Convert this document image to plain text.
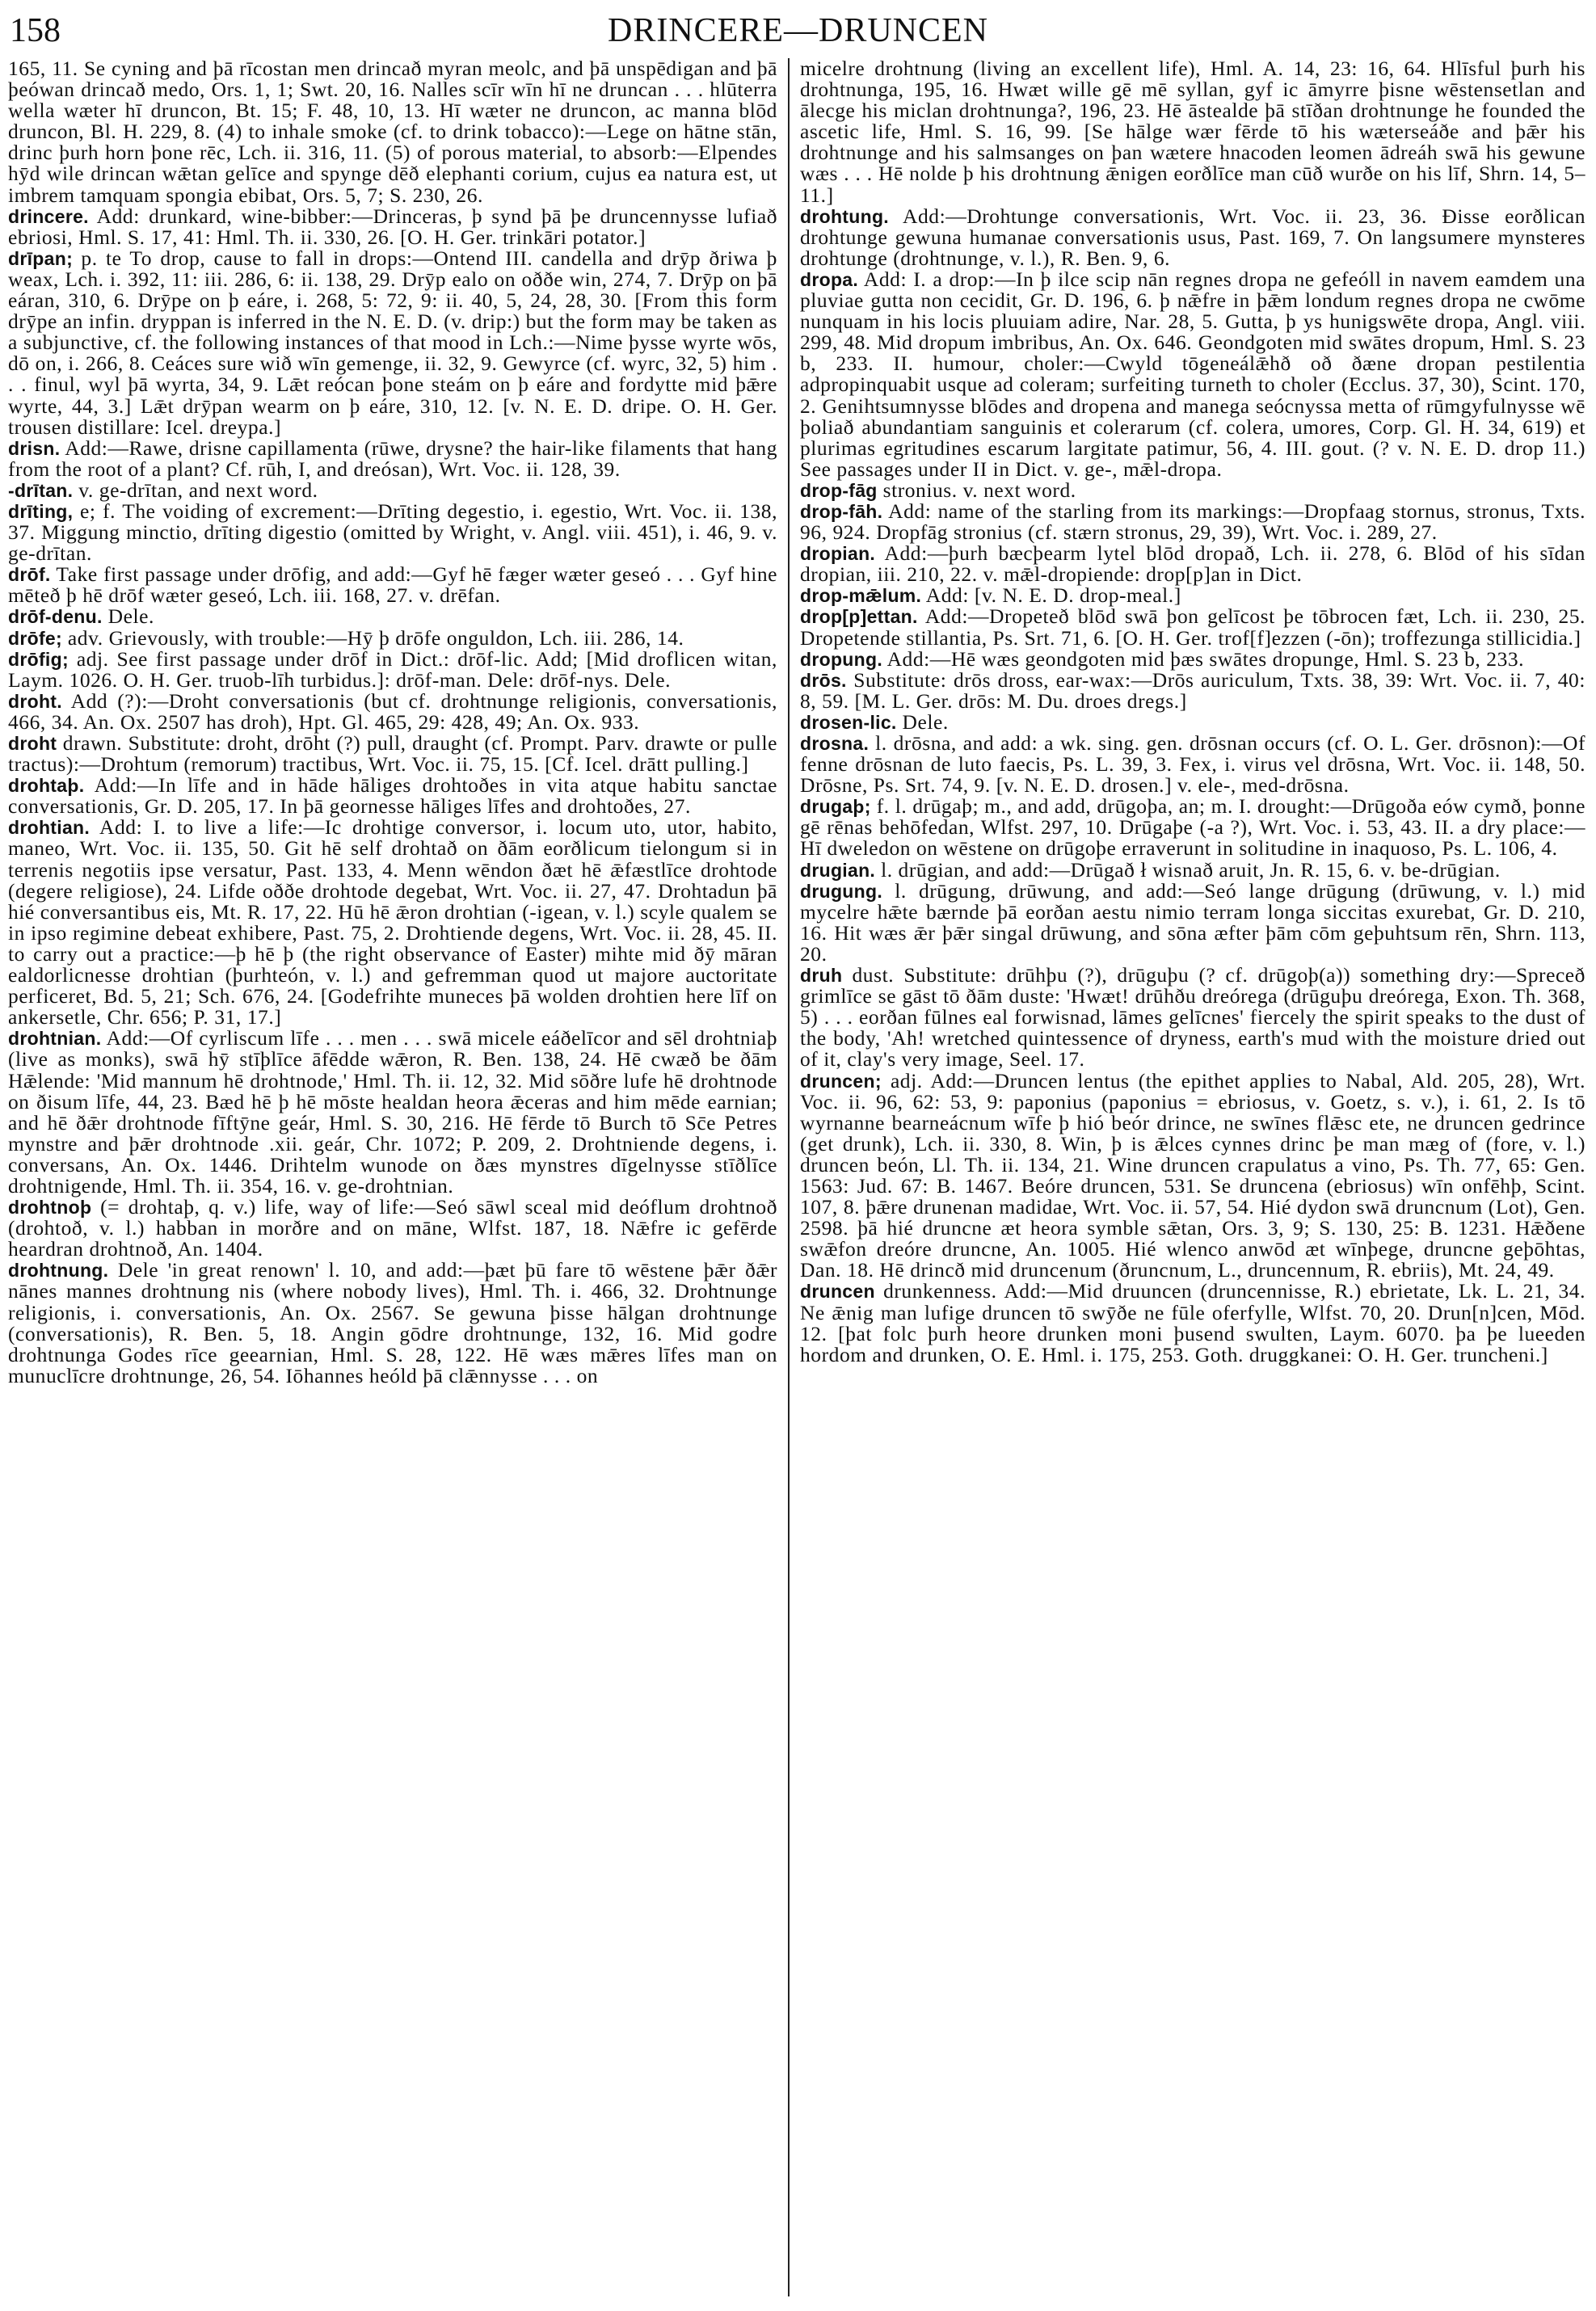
158	DRINCERE—DRUNCEN

165, 11. Se cyning and þā rīcostan men drincað myran meolc, and þā unspēdigan and þā þeówan drincað medo, Ors. 1, 1; Swt. 20, 16. Nalles scīr wīn hī ne druncan . . . hlūterra wella wæter hī druncon, Bt. 15; F. 48, 10, 13. Hī wæter ne druncon, ac manna blōd druncon, Bl. H. 229, 8. (4) to inhale smoke (cf. to drink tobacco):—Lege on hātne stān, drinc þurh horn þone rēc, Lch. ii. 316, 11. (5) of porous material, to absorb:—Elpendes hȳd wile drincan wǣtan gelīce and spynge dēð elephanti corium, cujus ea natura est, ut imbrem tamquam spongia ebibat, Ors. 5, 7; S. 230, 26.

drincere. Add: drunkard, wine-bibber:—Drinceras, þ synd þā þe druncennysse lufiað ebriosi, Hml. S. 17, 41: Hml. Th. ii. 330, 26. [O. H. Ger. trinkāri potator.]

drīpan; p. te To drop, cause to fall in drops:—Ontend III. candella and drȳp ðriwa þ weax, Lch. i. 392, 11: iii. 286, 6: ii. 138, 29. Drȳp ealo on oððe win, 274, 7. Drȳp on þā eáran, 310, 6. Drȳpe on þ eáre, i. 268, 5: 72, 9: ii. 40, 5, 24, 28, 30. [From this form drȳpe an infin. dryppan is inferred in the N. E. D. (v. drip:) but the form may be taken as a subjunctive, cf. the following instances of that mood in Lch.:—Nime þysse wyrte wōs, dō on, i. 266, 8. Ceáces sure wið wīn gemenge, ii. 32, 9. Gewyrce (cf. wyrc, 32, 5) him . . . finul, wyl þā wyrta, 34, 9. Lǣt reócan þone steám on þ eáre and fordytte mid þǣre wyrte, 44, 3.] Lǣt drȳpan wearm on þ eáre, 310, 12. [v. N. E. D. dripe. O. H. Ger. trousen distillare: Icel. dreypa.]

drisn. Add:—Rawe, drisne capillamenta (rūwe, drysne? the hair-like filaments that hang from the root of a plant? Cf. rūh, I, and dreósan), Wrt. Voc. ii. 128, 39.

-drītan. v. ge-drītan, and next word.

drīting, e; f. The voiding of excrement:—Drīting degestio, i. egestio, Wrt. Voc. ii. 138, 37. Miggung minctio, drīting digestio (omitted by Wright, v. Angl. viii. 451), i. 46, 9. v. ge-drītan.

drōf. Take first passage under drōfig, and add:—Gyf hē fæger wæter geseó . . . Gyf hine mēteð þ hē drōf wæter geseó, Lch. iii. 168, 27. v. drēfan.

drōf-denu. Dele.

drōfe; adv. Grievously, with trouble:—Hȳ þ drōfe onguldon, Lch. iii. 286, 14.

drōfig; adj. See first passage under drōf in Dict.: drōf-lic. Add; [Mid droflicen witan, Laym. 1026. O. H. Ger. truob-līh turbidus.]: drōf-man. Dele: drōf-nys. Dele.

droht. Add (?):—Droht conversationis (but cf. drohtnunge religionis, conversationis, 466, 34. An. Ox. 2507 has droh), Hpt. Gl. 465, 29: 428, 49; An. Ox. 933.

droht drawn. Substitute: droht, drōht (?) pull, draught (cf. Prompt. Parv. drawte or pulle tractus):—Drohtum (remorum) tractibus, Wrt. Voc. ii. 75, 15. [Cf. Icel. drātt pulling.]

drohtaþ. Add:—In līfe and in hāde hāliges drohtoðes in vita atque habitu sanctae conversationis, Gr. D. 205, 17. In þā geornesse hāliges līfes and drohtoðes, 27.

drohtian. Add: I. to live a life:—Ic drohtige conversor, i. locum uto, utor, habito, maneo, Wrt. Voc. ii. 135, 50. Git hē self drohtað on ðām eorðlicum tielongum si in terrenis negotiis ipse versatur, Past. 133, 4. Menn wēndon ðæt hē ǣfæstlīce drohtode (degere religiose), 24. Lifde oððe drohtode degebat, Wrt. Voc. ii. 27, 47. Drohtadun þā hié conversantibus eis, Mt. R. 17, 22. Hū hē ǣron drohtian (-igean, v. l.) scyle qualem se in ipso regimine debeat exhibere, Past. 75, 2. Drohtiende degens, Wrt. Voc. ii. 28, 45. II. to carry out a practice:—þ hē þ (the right observance of Easter) mihte mid ðȳ māran ealdorlicnesse drohtian (þurhteón, v. l.) and gefremman quod ut majore auctoritate perficeret, Bd. 5, 21; Sch. 676, 24. [Godefrihte muneces þā wolden drohtien here līf on ankersetle, Chr. 656; P. 31, 17.]

drohtnian. Add:—Of cyrliscum līfe . . . men . . . swā micele eáðelīcor and sēl drohtniaþ (live as monks), swā hȳ stīþlīce āfēdde wǣron, R. Ben. 138, 24. Hē cwæð be ðām Hǣlende: 'Mid mannum hē drohtnode,' Hml. Th. ii. 12, 32. Mid sōðre lufe hē drohtnode on ðisum līfe, 44, 23. Bæd hē þ hē mōste healdan heora ǣceras and him mēde earnian; and hē ðǣr drohtnode fīftȳne geár, Hml. S. 30, 216. Hē fērde tō Burch tō Sc̄e Petres mynstre and þǣr drohtnode .xii. geár, Chr. 1072; P. 209, 2. Drohtniende degens, i. conversans, An. Ox. 1446. Drihtelm wunode on ðæs mynstres dīgelnysse stīðlīce drohtnigende, Hml. Th. ii. 354, 16. v. ge-drohtnian.

drohtnoþ (= drohtaþ, q. v.) life, way of life:—Seó sāwl sceal mid deóflum drohtnoð (drohtoð, v. l.) habban in morðre and on māne, Wlfst. 187, 18. Nǣfre ic gefērde heardran drohtnoð, An. 1404.

drohtnung. Dele 'in great renown' l. 10, and add:—þæt þū fare tō wēstene þǣr ðǣr nānes mannes drohtnung nis (where nobody lives), Hml. Th. i. 466, 32. Drohtnunge religionis, i. conversationis, An. Ox. 2567. Se gewuna þisse hālgan drohtnunge (conversationis), R. Ben. 5, 18. Angin gōdre drohtnunge, 132, 16. Mid godre drohtnunga Godes rīce geearnian, Hml. S. 28, 122. Hē wæs mǣres līfes man on munuclīcre drohtnunge, 26, 54. Iōhannes heóld þā clǣnnysse . . . on

micelre drohtnung (living an excellent life), Hml. A. 14, 23: 16, 64. Hlīsful þurh his drohtnunga, 195, 16. Hwæt wille gē mē syllan, gyf ic āmyrre þisne wēstensetlan and ālecge his miclan drohtnunga?, 196, 23. Hē āstealde þā stīðan drohtnunge he founded the ascetic life, Hml. S. 16, 99. [Se hālge wær fērde tō his wæterseáðe and þǣr his drohtnunge and his salmsanges on þan wætere hnacoden leomen ādreáh swā his gewune wæs . . . Hē nolde þ his drohtnung ǣnigen eorðlīce man cūð wurðe on his līf, Shrn. 14, 5–11.]

drohtung. Add:—Drohtunge conversationis, Wrt. Voc. ii. 23, 36. Ðisse eorðlican drohtunge gewuna humanae conversationis usus, Past. 169, 7. On langsumere mynsteres drohtunge (drohtnunge, v. l.), R. Ben. 9, 6.

dropa. Add: I. a drop:—In þ ilce scip nān regnes dropa ne gefeóll in navem eamdem una pluviae gutta non cecidit, Gr. D. 196, 6. þ nǣfre in þǣm londum regnes dropa ne cwōme nunquam in his locis pluuiam adire, Nar. 28, 5. Gutta, þ ys hunigswēte dropa, Angl. viii. 299, 48. Mid dropum imbribus, An. Ox. 646. Geondgoten mid swātes dropum, Hml. S. 23 b, 233. II. humour, choler:—Cwyld tōgeneálǣhð oð ðæne dropan pestilentia adpropinquabit usque ad coleram; surfeiting turneth to choler (Ecclus. 37, 30), Scint. 170, 2. Genihtsumnysse blōdes and dropena and manega seócnyssa metta of rūmgyfulnysse wē þoliað abundantiam sanguinis et colerarum (cf. colera, umores, Corp. Gl. H. 34, 619) et plurimas egritudines escarum largitate patimur, 56, 4. III. gout. (? v. N. E. D. drop 11.) See passages under II in Dict. v. ge-, mǣl-dropa.

drop-fāg stronius. v. next word.

drop-fāh. Add: name of the starling from its markings:—Dropfaag stornus, stronus, Txts. 96, 924. Dropfāg stronius (cf. stærn stronus, 29, 39), Wrt. Voc. i. 289, 27.

dropian. Add:—þurh bæcþearm lytel blōd dropað, Lch. ii. 278, 6. Blōd of his sīdan dropian, iii. 210, 22. v. mǣl-dropiende: drop[p]an in Dict.

drop-mǣlum. Add: [v. N. E. D. drop-meal.]

drop[p]ettan. Add:—Dropeteð blōd swā þon gelīcost þe tōbrocen fæt, Lch. ii. 230, 25. Dropetende stillantia, Ps. Srt. 71, 6. [O. H. Ger. trof[f]ezzen (-ōn); troffezunga stillicidia.]

dropung. Add:—Hē wæs geondgoten mid þæs swātes dropunge, Hml. S. 23 b, 233.

drōs. Substitute: drōs dross, ear-wax:—Drōs auriculum, Txts. 38, 39: Wrt. Voc. ii. 7, 40: 8, 59. [M. L. Ger. drōs: M. Du. droes dregs.]

drosen-lic. Dele.

drosna. l. drōsna, and add: a wk. sing. gen. drōsnan occurs (cf. O. L. Ger. drōsnon):—Of fenne drōsnan de luto faecis, Ps. L. 39, 3. Fex, i. virus vel drōsna, Wrt. Voc. ii. 148, 50. Drōsne, Ps. Srt. 74, 9. [v. N. E. D. drosen.] v. ele-, med-drōsna.

drugaþ; f. l. drūgaþ; m., and add, drūgoþa, an; m. I. drought:—Drūgoða eów cymð, þonne gē rēnas behōfedan, Wlfst. 297, 10. Drūgaþe (-a ?), Wrt. Voc. i. 53, 43. II. a dry place:—Hī dweledon on wēstene on drūgoþe erraverunt in solitudine in inaquoso, Ps. L. 106, 4.

drugian. l. drūgian, and add:—Drūgað ł wisnað aruit, Jn. R. 15, 6. v. be-drūgian.

drugung. l. drūgung, drūwung, and add:—Seó lange drūgung (drūwung, v. l.) mid mycelre hǣte bærnde þā eorðan aestu nimio terram longa siccitas exurebat, Gr. D. 210, 16. Hit wæs ǣr þǣr singal drūwung, and sōna æfter þām cōm geþuhtsum rēn, Shrn. 113, 20.

druh dust. Substitute: drūhþu (?), drūguþu (? cf. drūgoþ(a)) something dry:—Spreceð grimlīce se gāst tō ðām duste: 'Hwæt! drūhðu dreórega (drūguþu dreórega, Exon. Th. 368, 5) . . . eorðan fūlnes eal forwisnad, lāmes gelīcnes' fiercely the spirit speaks to the dust of the body, 'Ah! wretched quintessence of dryness, earth's mud with the moisture dried out of it, clay's very image, Seel. 17.

druncen; adj. Add:—Druncen lentus (the epithet applies to Nabal, Ald. 205, 28), Wrt. Voc. ii. 96, 62: 53, 9: paponius (paponius = ebriosus, v. Goetz, s. v.), i. 61, 2. Is tō wyrnanne bearneácnum wīfe þ hió beór drince, ne swīnes flǣsc ete, ne druncen gedrince (get drunk), Lch. ii. 330, 8. Win, þ is ǣlces cynnes drinc þe man mæg of (fore, v. l.) druncen beón, Ll. Th. ii. 134, 21. Wine druncen crapulatus a vino, Ps. Th. 77, 65: Gen. 1563: Jud. 67: B. 1467. Beóre druncen, 531. Se druncena (ebriosus) wīn onfēhþ, Scint. 107, 8. þǣre drunenan madidae, Wrt. Voc. ii. 57, 54. Hié dydon swā druncnum (Lot), Gen. 2598. þā hié druncne æt heora symble sǣtan, Ors. 3, 9; S. 130, 25: B. 1231. Hǣðene swǣfon dreóre druncne, An. 1005. Hié wlenco anwōd æt wīnþege, druncne geþōhtas, Dan. 18. Hē drincð mid druncenum (ðruncnum, L., druncennum, R. ebriis), Mt. 24, 49.

druncen drunkenness. Add:—Mid druuncen (druncennisse, R.) ebrietate, Lk. L. 21, 34. Ne ǣnig man lufige druncen tō swȳðe ne fūle oferfylle, Wlfst. 70, 20. Drun[n]cen, Mōd. 12. [þat folc þurh heore drunken moni þusend swulten, Laym. 6070. þa þe lueeden hordom and drunken, O. E. Hml. i. 175, 253. Goth. druggkanei: O. H. Ger. truncheni.]
